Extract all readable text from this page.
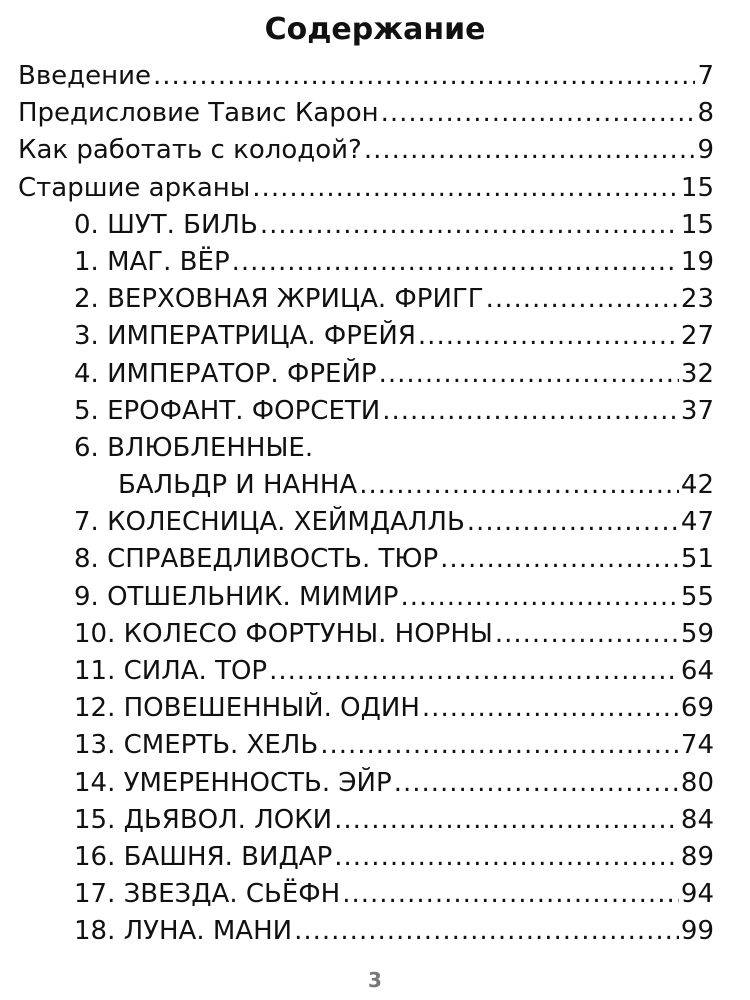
Содержание
Введение .....	7
Предисловие Тавис Карон .....	8
Как работать с колодой? .....	9
Старшие арканы .....	15
0. ШУТ. БИЛЬ .....	15
1. МАГ. ВЁР .....	19
2. ВЕРХОВНАЯ ЖРИЦА. ФРИГГ .....	23
3. ИМПЕРАТРИЦА. ФРЕЙЯ .....	27
4. ИМПЕРАТОР. ФРЕЙР .....	32
5. ЕРОФАНТ. ФОРСЕТИ .....	37
6. ВЛЮБЛЕННЫЕ.
БАЛЬДР И НАННА .....	42
7. КОЛЕСНИЦА. ХЕЙМДАЛЛЬ .....	47
8. СПРАВЕДЛИВОСТЬ. ТЮР .....	51
9. ОТШЕЛЬНИК. МИМИР .....	55
10. КОЛЕСО ФОРТУНЫ. НОРНЫ .....	59
11. СИЛА. ТОР .....	64
12. ПОВЕШЕННЫЙ. ОДИН .....	69
13. СМЕРТЬ. ХЕЛЬ .....	74
14. УМЕРЕННОСТЬ. ЭЙР .....	80
15. ДЬЯВОЛ. ЛОКИ .....	84
16. БАШНЯ. ВИДАР .....	89
17. ЗВЕЗДА. СЬЁФН .....	94
18. ЛУНА. МАНИ .....	99
3
